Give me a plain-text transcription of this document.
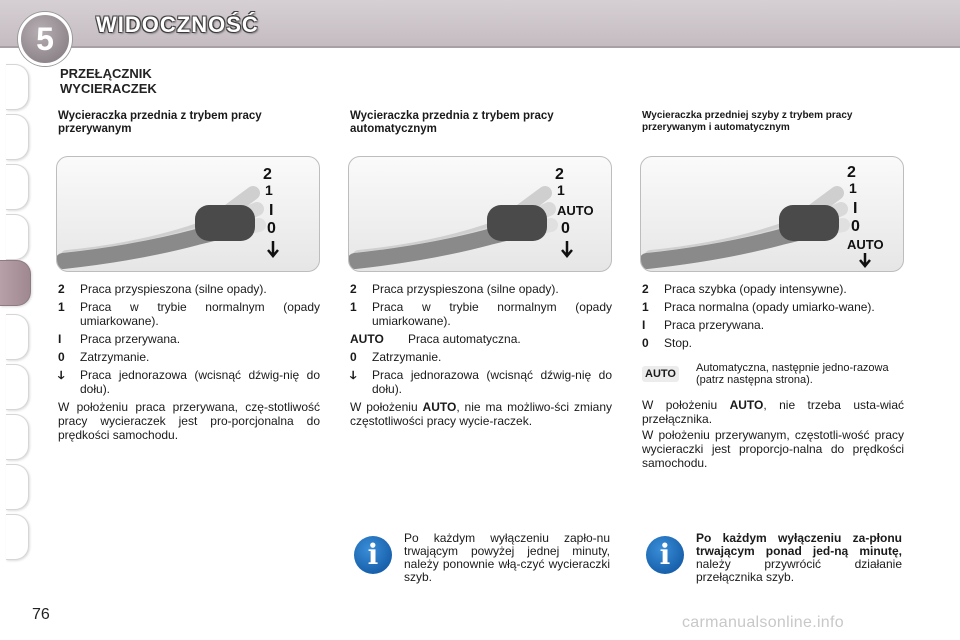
5	WIDOCZNOŚĆ
PRZEŁĄCZNIK
WYCIERACZEK
Wycieraczka przednia z trybem pracy przerywanym
Wycieraczka przednia z trybem pracy automatycznym
Wycieraczka przedniej szyby z trybem pracy przerywanym i automatycznym
2
1
I
0
2
1
AUTO
0
2
1
I
0
AUTO
2	Praca przyspieszona (silne opady).
1	Praca w trybie normalnym (opady umiarkowane).
I	Praca przerywana.
0	Zatrzymanie.
ↆ	Praca jednorazowa (wcisnąć dźwig-nię do dołu).
W położeniu praca przerywana, czę-stotliwość pracy wycieraczek jest pro-porcjonalna do prędkości samochodu.
2	Praca przyspieszona (silne opady).
1	Praca w trybie normalnym (opady umiarkowane).
AUTO	Praca automatyczna.
0	Zatrzymanie.
ↆ	Praca jednorazowa (wcisnąć dźwig-nię do dołu).
W położeniu AUTO, nie ma możliwo-ści zmiany częstotliwości pracy wycie-raczek.
2	Praca szybka (opady intensywne).
1	Praca normalna (opady umiarko-wane).
I	Praca przerywana.
0	Stop.
AUTO	Automatyczna, następnie jedno-razowa (patrz następna strona).
W położeniu AUTO, nie trzeba usta-wiać przełącznika.
W położeniu przerywanym, częstotli-wość pracy wycieraczki jest proporcjo-nalna do prędkości samochodu.
i	Po każdym wyłączeniu zapło-nu trwającym powyżej jednej minuty, należy ponownie włą-czyć wycieraczki szyb.
i	Po każdym wyłączeniu za-płonu trwającym ponad jed-ną minutę, należy przywrócić działanie przełącznika szyb.
76	carmanualsonline.info
